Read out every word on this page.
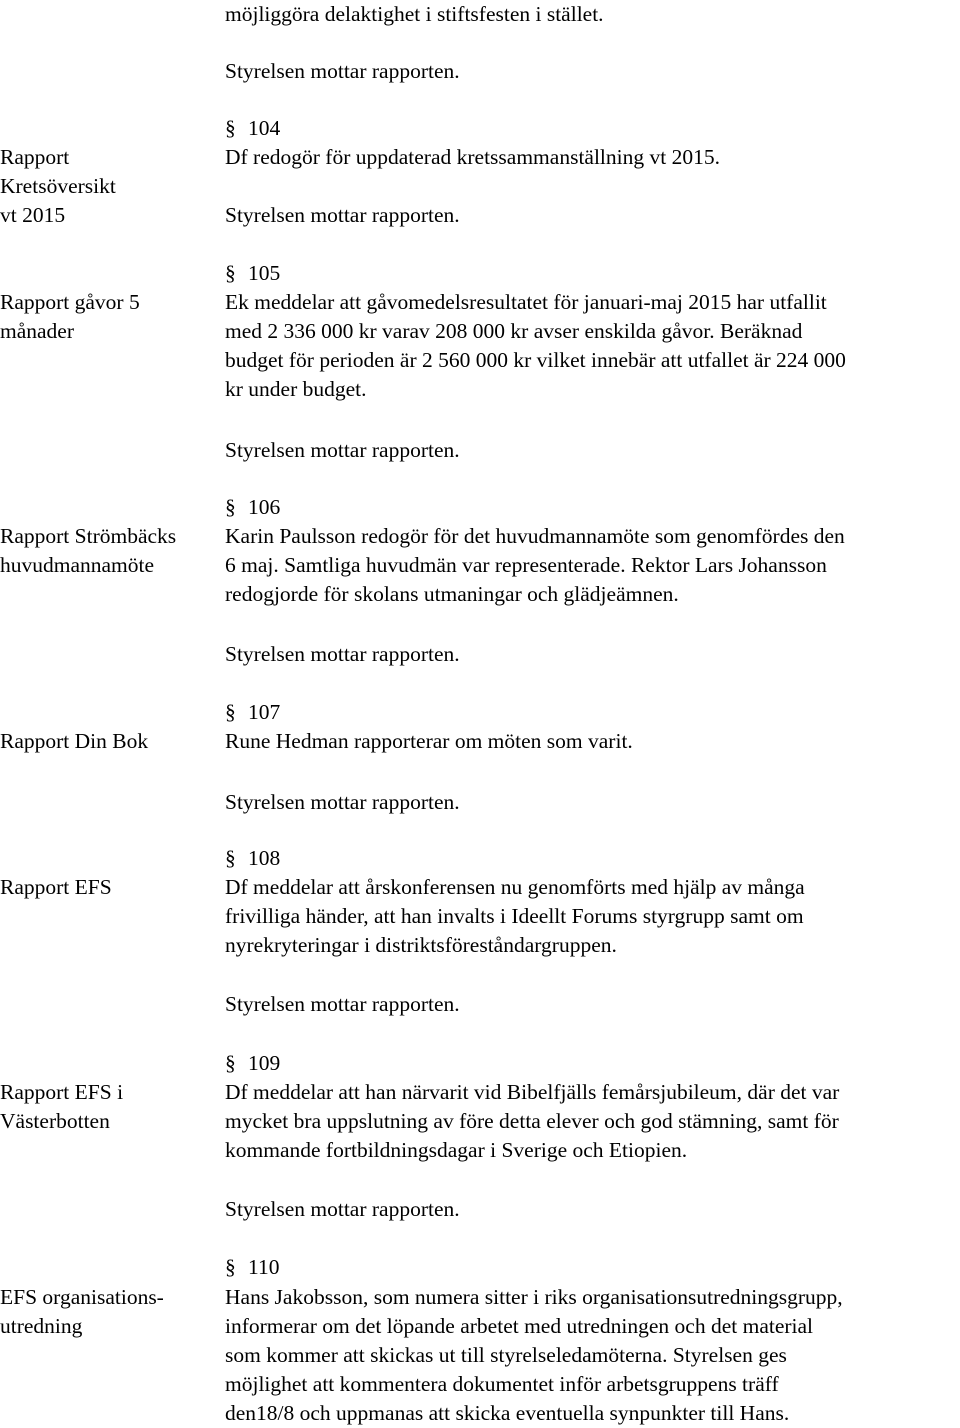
möjliggöra delaktighet i stiftsfesten i stället.

Styrelsen mottar rapporten.

§ 104

Rapport
Kretsöversikt
vt 2015
Df redogör för uppdaterad kretssammanställning vt 2015.

Styrelsen mottar rapporten.

§ 105

Rapport gåvor 5
månader
Ek meddelar att gåvomedelsresultatet för januari-maj 2015 har utfallit
med 2 336 000 kr varav 208 000 kr avser enskilda gåvor. Beräknad
budget för perioden är 2 560 000 kr vilket innebär att utfallet är 224 000
kr under budget.

Styrelsen mottar rapporten.

§ 106

Rapport Strömbäcks
huvudmannamöte
Karin Paulsson redogör för det huvudmannamöte som genomfördes den
6 maj. Samtliga huvudmän var representerade. Rektor Lars Johansson
redogjorde för skolans utmaningar och glädjeämnen.

Styrelsen mottar rapporten.

§ 107

Rapport Din Bok	Rune Hedman rapporterar om möten som varit.

Styrelsen mottar rapporten.

§ 108

Rapport EFS	Df meddelar att årskonferensen nu genomförts med hjälp av många
frivilliga händer, att han invalts i Ideellt Forums styrgrupp samt om
nyrekryteringar i distriktsföreståndargruppen.

Styrelsen mottar rapporten.

§ 109

Rapport EFS i
Västerbotten
Df meddelar att han närvarit vid Bibelfjälls femårsjubileum, där det var
mycket bra uppslutning av före detta elever och god stämning, samt för
kommande fortbildningsdagar i Sverige och Etiopien.

Styrelsen mottar rapporten.

§ 110

EFS organisations-
utredning
Hans Jakobsson, som numera sitter i riks organisationsutredningsgrupp,
informerar om det löpande arbetet med utredningen och det material
som kommer att skickas ut till styrelseledamöterna. Styrelsen ges
möjlighet att kommentera dokumentet inför arbetsgruppens träff
den18/8 och uppmanas att skicka eventuella synpunkter till Hans.
